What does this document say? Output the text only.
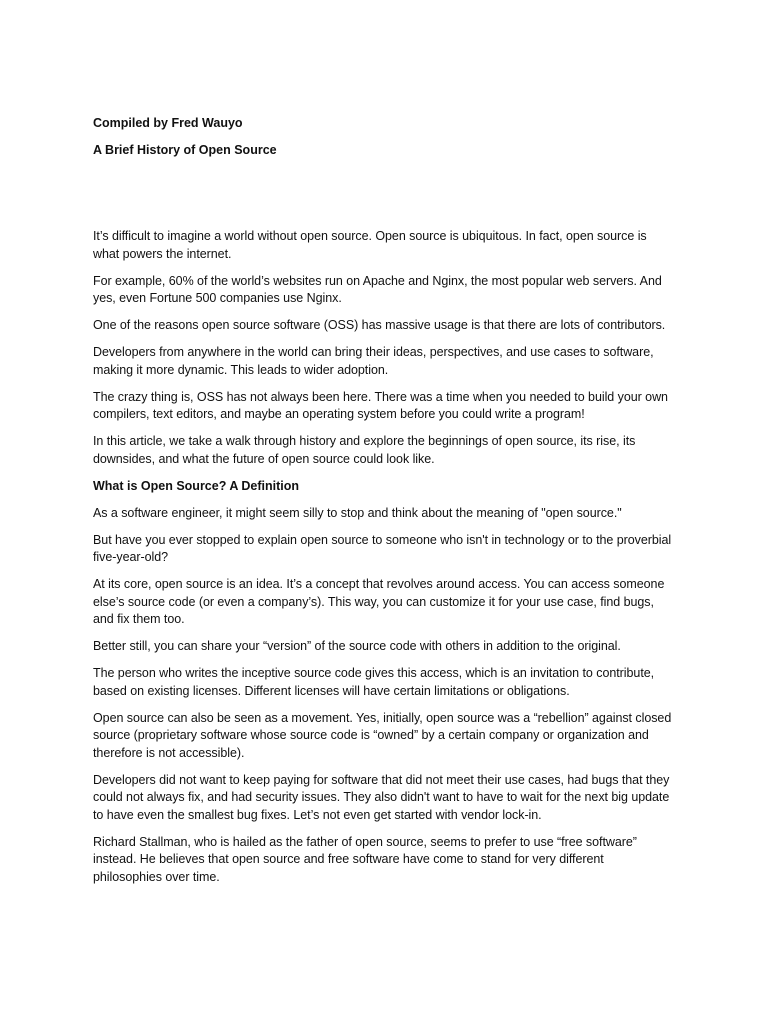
Compiled by Fred Wauyo

A Brief History of Open Source

It’s difficult to imagine a world without open source. Open source is ubiquitous. In fact, open source is what powers the internet.

For example, 60% of the world’s websites run on Apache and Nginx, the most popular web servers. And yes, even Fortune 500 companies use Nginx.

One of the reasons open source software (OSS) has massive usage is that there are lots of contributors.

Developers from anywhere in the world can bring their ideas, perspectives, and use cases to software, making it more dynamic. This leads to wider adoption.

The crazy thing is, OSS has not always been here. There was a time when you needed to build your own compilers, text editors, and maybe an operating system before you could write a program!

In this article, we take a walk through history and explore the beginnings of open source, its rise, its downsides, and what the future of open source could look like.

What is Open Source? A Definition

As a software engineer, it might seem silly to stop and think about the meaning of "open source."

But have you ever stopped to explain open source to someone who isn't in technology or to the proverbial five-year-old?

At its core, open source is an idea. It’s a concept that revolves around access. You can access someone else’s source code (or even a company’s). This way, you can customize it for your use case, find bugs, and fix them too.

Better still, you can share your “version” of the source code with others in addition to the original.

The person who writes the inceptive source code gives this access, which is an invitation to contribute, based on existing licenses. Different licenses will have certain limitations or obligations.

Open source can also be seen as a movement. Yes, initially, open source was a “rebellion” against closed source (proprietary software whose source code is “owned” by a certain company or organization and therefore is not accessible).

Developers did not want to keep paying for software that did not meet their use cases, had bugs that they could not always fix, and had security issues. They also didn't want to have to wait for the next big update to have even the smallest bug fixes. Let’s not even get started with vendor lock-in.

Richard Stallman, who is hailed as the father of open source, seems to prefer to use “free software” instead. He believes that open source and free software have come to stand for very different philosophies over time.
